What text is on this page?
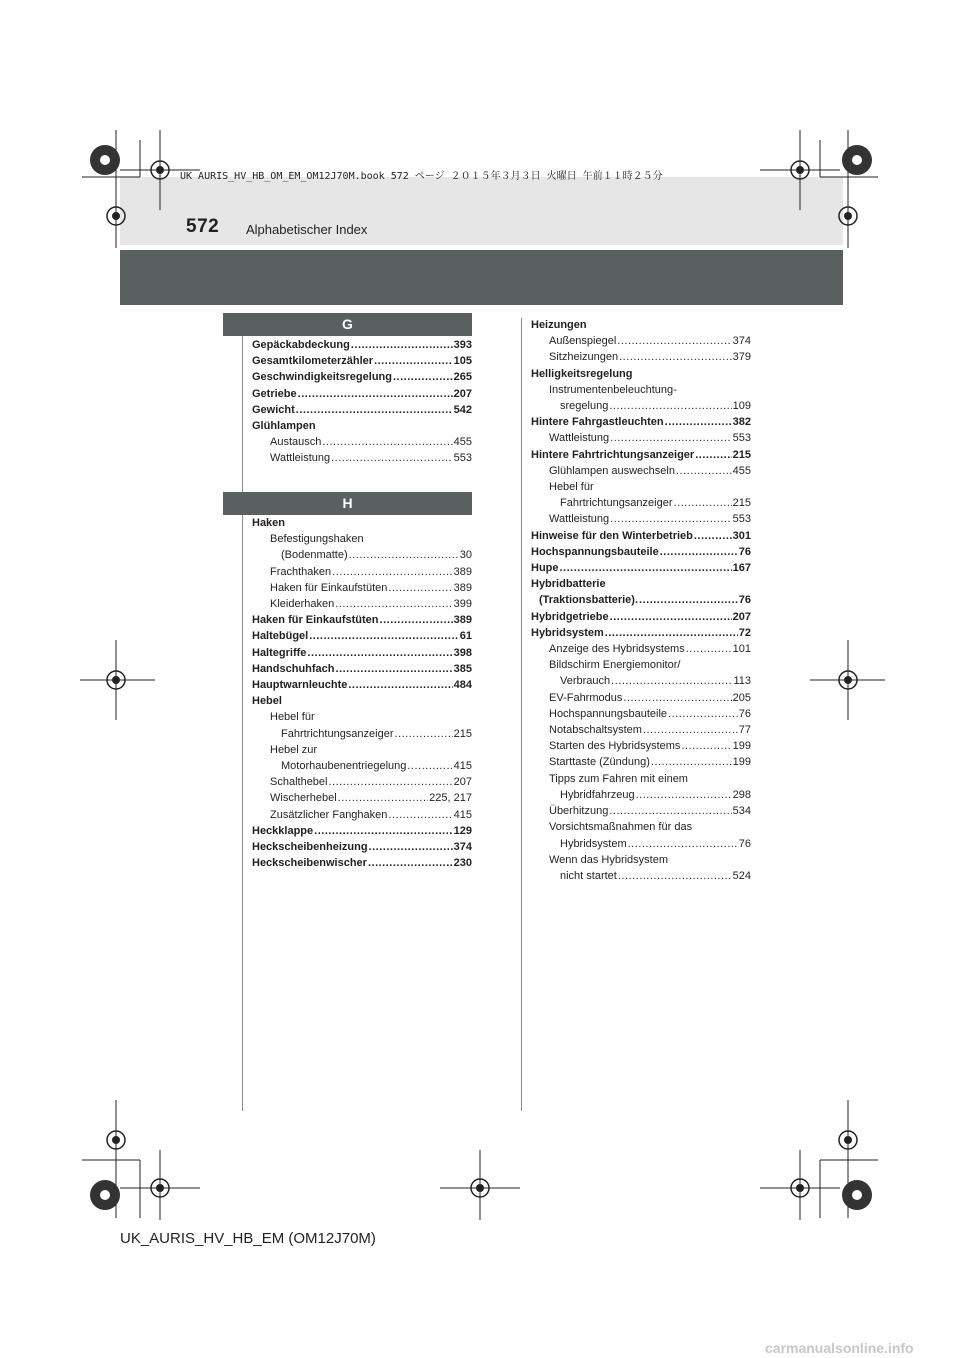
UK AURIS_HV_HB_OM_EM_OM12J70M.book 572 ページ ２０１５年３月３日 火曜日 午前１１時２５分
572 Alphabetischer Index
G
Gepäckabdeckung .....	393
Gesamtkilometerzähler .....	105
Geschwindigkeitsregelung .....	265
Getriebe .....	207
Gewicht .....	542
Glühlampen
Austausch .....	455
Wattleistung .....	553
H
Haken
Befestigungshaken
(Bodenmatte) .....	30
Frachthaken .....	389
Haken für Einkaufstüten .....	389
Kleiderhaken .....	399
Haken für Einkaufstüten .....	389
Haltebügel .....	61
Haltegriffe .....	398
Handschuhfach .....	385
Hauptwarnleuchte .....	484
Hebel
Hebel für
Fahrtrichtungsanzeiger .....	215
Hebel zur
Motorhaubenentriegelung .....	415
Schalthebel .....	207
Wischerhebel .....	225, 217
Zusätzlicher Fanghaken .....	415
Heckklappe .....	129
Heckscheibenheizung .....	374
Heckscheibenwischer .....	230
Heizungen
Außenspiegel .....	374
Sitzheizungen .....	379
Helligkeitsregelung
Instrumentenbeleuchtung-
sregelung .....	109
Hintere Fahrgastleuchten .....	382
Wattleistung .....	553
Hintere Fahrtrichtungsanzeiger .....	215
Glühlampen auswechseln .....	455
Hebel für
Fahrtrichtungsanzeiger .....	215
Wattleistung .....	553
Hinweise für den Winterbetrieb .....	301
Hochspannungsbauteile .....	76
Hupe .....	167
Hybridbatterie
(Traktionsbatterie). .....	76
Hybridgetriebe .....	207
Hybridsystem .....	72
Anzeige des Hybridsystems .....	101
Bildschirm Energiemonitor/
Verbrauch .....	113
EV-Fahrmodus .....	205
Hochspannungsbauteile .....	76
Notabschaltsystem .....	77
Starten des Hybridsystems .....	199
Starttaste (Zündung) .....	199
Tipps zum Fahren mit einem
Hybridfahrzeug .....	298
Überhitzung .....	534
Vorsichtsmaßnahmen für das
Hybridsystem .....	76
Wenn das Hybridsystem
nicht startet .....	524
UK_AURIS_HV_HB_EM (OM12J70M)
carmanualsonline.info
